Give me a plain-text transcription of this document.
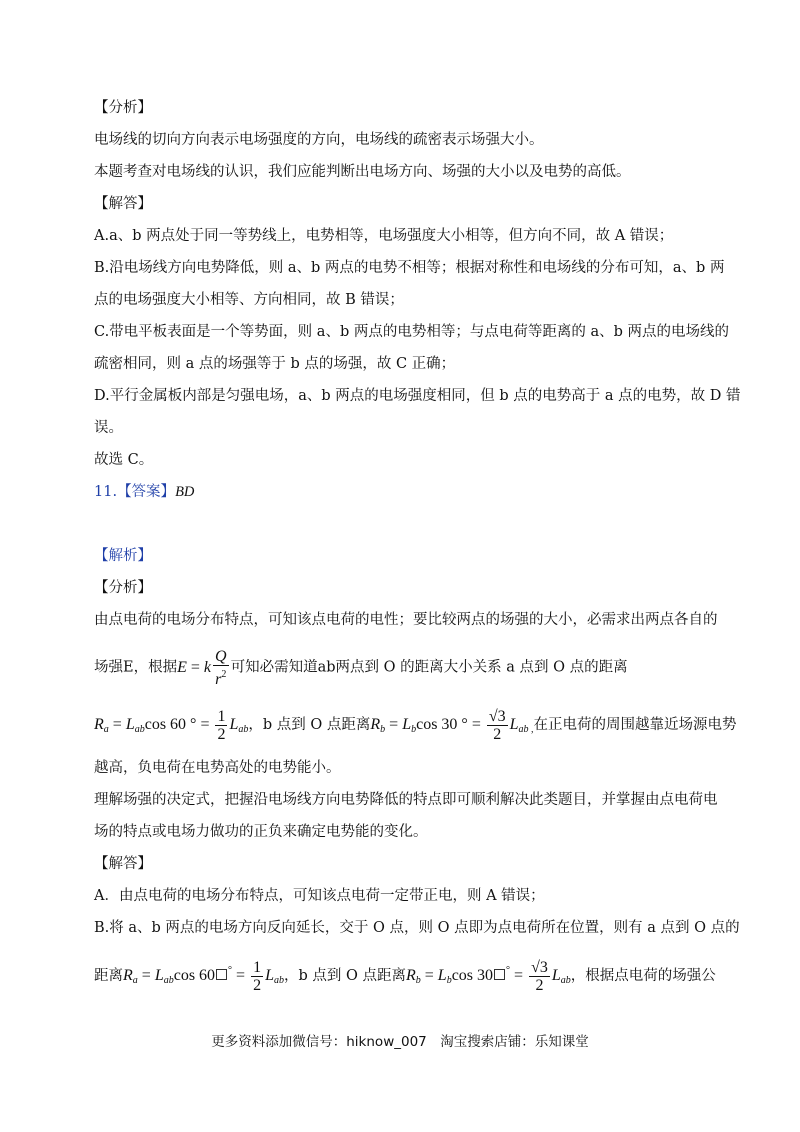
【分析】
电场线的切向方向表示电场强度的方向，电场线的疏密表示场强大小。
本题考查对电场线的认识，我们应能判断出电场方向、场强的大小以及电势的高低。
【解答】
A.a、b 两点处于同一等势线上，电势相等，电场强度大小相等，但方向不同，故 A 错误；
B.沿电场线方向电势降低，则 a、b 两点的电势不相等；根据对称性和电场线的分布可知，a、b 两
点的电场强度大小相等、方向相同，故 B 错误；
C.带电平板表面是一个等势面，则 a、b 两点的电势相等；与点电荷等距离的 a、b 两点的电场线的
疏密相同，则 a 点的场强等于 b 点的场强，故 C 正确；
D.平行金属板内部是匀强电场，a、b 两点的电场强度相同，但 b 点的电势高于 a 点的电势，故 D 错
误。
故选 C。
11.【答案】BD
【解析】
【分析】
由点电荷的电场分布特点，可知该点电荷的电性；要比较两点的场强的大小，必需求出两点各自的
场强E，根据E = k $\frac{Q}{r^2}$ 可知必需知道ab两点到 O 的距离大小关系 a 点到 O 点的距离
$R_a = L_{ab}\cos$ 60 ° = $\frac{1}{2} L_{ab}$，b 点到 O 点距离$R_b = L_b\cos$ 30 ° = $\frac{√3}{2} L_{ab ,}$在正电荷的周围越靠近场源电势
越高，负电荷在电势高处的电势能小。
理解场强的决定式，把握沿电场线方向电势降低的特点即可顺利解决此类题目，并掌握由点电荷电
场的特点或电场力做功的正负来确定电势能的变化。
【解答】
A．由点电荷的电场分布特点，可知该点电荷一定带正电，则 A 错误；
B.将 a、b 两点的电场方向反向延长，交于 O 点，则 O 点即为点电荷所在位置，则有 a 点到 O 点的
距离$R_a = L_{ab}\cos$ 60 $^\circ = \frac{1}{2} L_{ab}$，b 点到 O 点距离$R_b = L_b\cos$ 30 $^\circ = \frac{√3}{2} L_{ab}$，根据点电荷的场强公
更多资料添加微信号：hiknow_007　淘宝搜索店铺：乐知课堂
